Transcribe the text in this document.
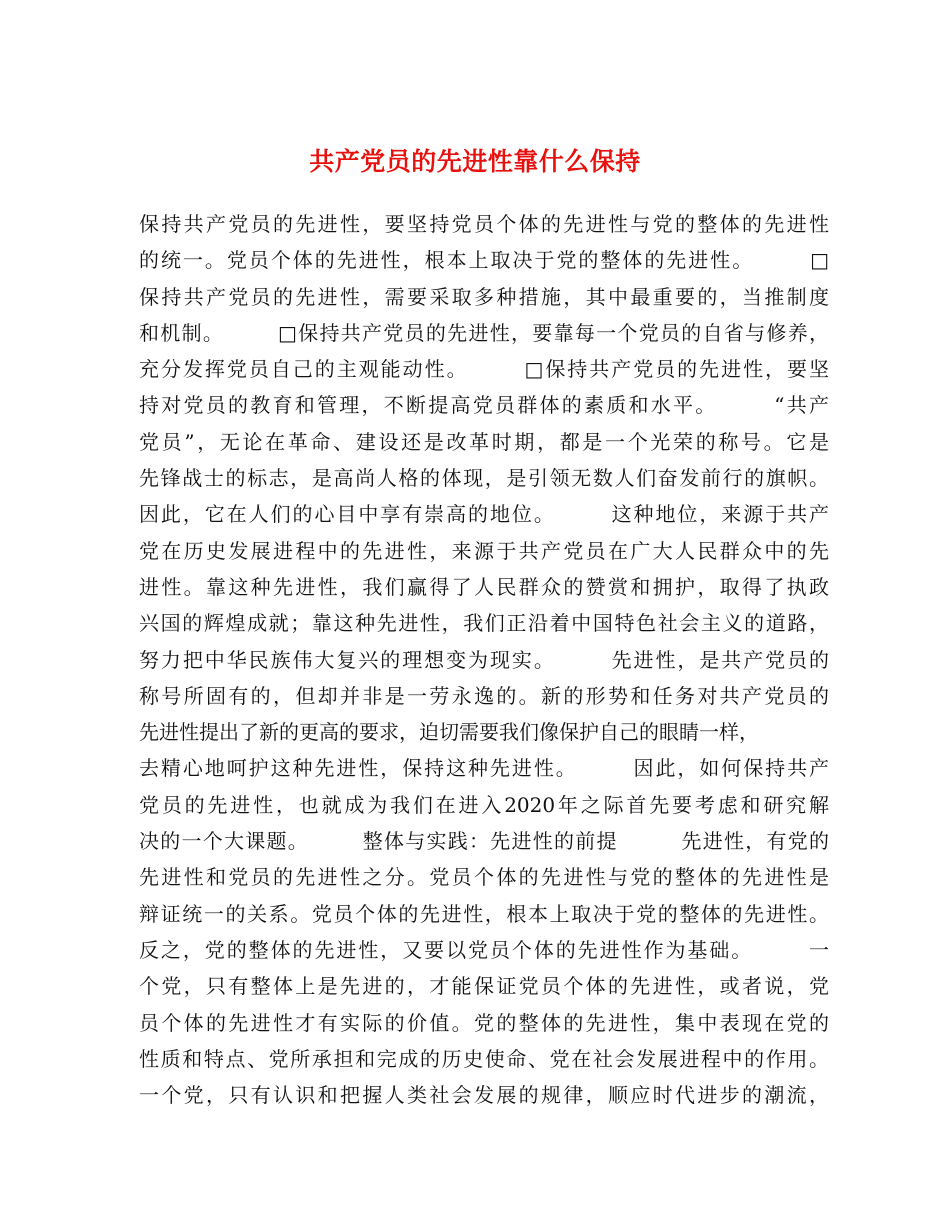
共产党员的先进性靠什么保持
保持共产党员的先进性，要坚持党员个体的先进性与党的整体的先进性
的统一。党员个体的先进性，根本上取决于党的整体的先进性。　　　□
保持共产党员的先进性，需要采取多种措施，其中最重要的，当推制度
和机制。　　　□保持共产党员的先进性，要靠每一个党员的自省与修养，
充分发挥党员自己的主观能动性。　　　□保持共产党员的先进性，要坚
持对党员的教育和管理，不断提高党员群体的素质和水平。　　　“共产
党员”，无论在革命、建设还是改革时期，都是一个光荣的称号。它是
先锋战士的标志，是高尚人格的体现，是引领无数人们奋发前行的旗帜。
因此，它在人们的心目中享有崇高的地位。　　　这种地位，来源于共产
党在历史发展进程中的先进性，来源于共产党员在广大人民群众中的先
进性。靠这种先进性，我们赢得了人民群众的赞赏和拥护，取得了执政
兴国的辉煌成就；靠这种先进性，我们正沿着中国特色社会主义的道路，
努力把中华民族伟大复兴的理想变为现实。　　　先进性，是共产党员的
称号所固有的，但却并非是一劳永逸的。新的形势和任务对共产党员的
先进性提出了新的更高的要求，迫切需要我们像保护自己的眼睛一样，
去精心地呵护这种先进性，保持这种先进性。　　　因此，如何保持共产
党员的先进性，也就成为我们在进入2020年之际首先要考虑和研究解
决的一个大课题。　　　整体与实践：先进性的前提　　　先进性，有党的
先进性和党员的先进性之分。党员个体的先进性与党的整体的先进性是
辩证统一的关系。党员个体的先进性，根本上取决于党的整体的先进性。
反之，党的整体的先进性，又要以党员个体的先进性作为基础。　　　一
个党，只有整体上是先进的，才能保证党员个体的先进性，或者说，党
员个体的先进性才有实际的价值。党的整体的先进性，集中表现在党的
性质和特点、党所承担和完成的历史使命、党在社会发展进程中的作用。
一个党，只有认识和把握人类社会发展的规律，顺应时代进步的潮流，
